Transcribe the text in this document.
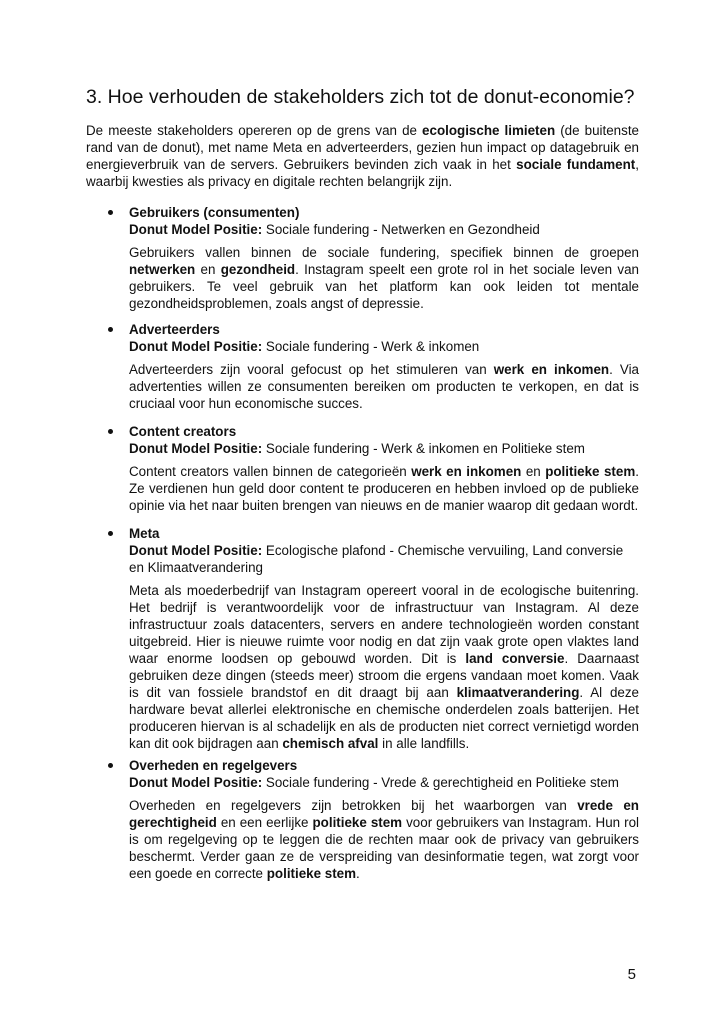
3. Hoe verhouden de stakeholders zich tot de donut-economie?

De meeste stakeholders opereren op de grens van de ecologische limieten (de buitenste rand van de donut), met name Meta en adverteerders, gezien hun impact op datagebruik en energieverbruik van de servers. Gebruikers bevinden zich vaak in het sociale fundament, waarbij kwesties als privacy en digitale rechten belangrijk zijn.

Gebruikers (consumenten)

Donut Model Positie: Sociale fundering - Netwerken en Gezondheid

Gebruikers vallen binnen de sociale fundering, specifiek binnen de groepen netwerken en gezondheid. Instagram speelt een grote rol in het sociale leven van gebruikers. Te veel gebruik van het platform kan ook leiden tot mentale gezondheidsproblemen, zoals angst of depressie.

Adverteerders

Donut Model Positie: Sociale fundering - Werk & inkomen

Adverteerders zijn vooral gefocust op het stimuleren van werk en inkomen. Via advertenties willen ze consumenten bereiken om producten te verkopen, en dat is cruciaal voor hun economische succes.

Content creators

Donut Model Positie: Sociale fundering - Werk & inkomen en Politieke stem

Content creators vallen binnen de categorieën werk en inkomen en politieke stem. Ze verdienen hun geld door content te produceren en hebben invloed op de publieke opinie via het naar buiten brengen van nieuws en de manier waarop dit gedaan wordt.

Meta

Donut Model Positie: Ecologische plafond - Chemische vervuiling, Land conversie en Klimaatverandering

Meta als moederbedrijf van Instagram opereert vooral in de ecologische buitenring. Het bedrijf is verantwoordelijk voor de infrastructuur van Instagram. Al deze infrastructuur zoals datacenters, servers en andere technologieën worden constant uitgebreid. Hier is nieuwe ruimte voor nodig en dat zijn vaak grote open vlaktes land waar enorme loodsen op gebouwd worden. Dit is land conversie. Daarnaast gebruiken deze dingen (steeds meer) stroom die ergens vandaan moet komen. Vaak is dit van fossiele brandstof en dit draagt bij aan klimaatverandering. Al deze hardware bevat allerlei elektronische en chemische onderdelen zoals batterijen. Het produceren hiervan is al schadelijk en als de producten niet correct vernietigd worden kan dit ook bijdragen aan chemisch afval in alle landfills.

Overheden en regelgevers

Donut Model Positie: Sociale fundering - Vrede & gerechtigheid en Politieke stem

Overheden en regelgevers zijn betrokken bij het waarborgen van vrede en gerechtigheid en een eerlijke politieke stem voor gebruikers van Instagram. Hun rol is om regelgeving op te leggen die de rechten maar ook de privacy van gebruikers beschermt. Verder gaan ze de verspreiding van desinformatie tegen, wat zorgt voor een goede en correcte politieke stem.

5
